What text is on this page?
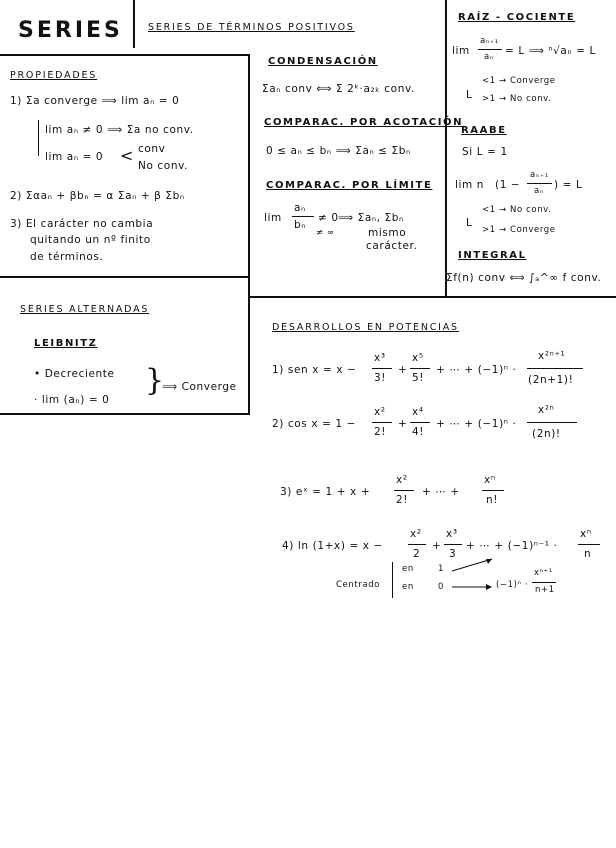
SERIES
PROPIEDADES
1) Σa converge ⟹ lim aₙ = 0
lim aₙ ≠ 0 ⟹ Σa no conv.
lim aₙ = 0 < conv
No conv.
2) Σαaₙ + βbₙ = α Σaₙ + β Σbₙ
3) El carácter no cambia
quitando un nº finito
de términos.
SERIES DE TÉRMINOS POSITIVOS
CONDENSACIÓN
Σaₙ conv ⟺ Σ 2ᵏ·a₂ₖ conv.
COMPARAC. POR ACOTACIÓN
0 ≤ aₙ ≤ bₙ ⟹ Σaₙ ≤ Σbₙ
COMPARAC. POR LÍMITE
lim
aₙ
bₙ
≠ 0
≠ ∞
⟹ Σaₙ, Σbₙ
mismo
carácter.
RAÍZ - COCIENTE
lim
aₙ₊₁
aₙ = L ⟹ ⁿ√aₙ = L
L
<1 → Converge
>1 → No conv.
RAABE
Si L = 1
lim n (1 −
aₙ₊₁
aₙ ) = L
L
<1 → No conv.
>1 → Converge
INTEGRAL
Σf(n) conv ⟺ ∫ₐ^∞ f conv.
SERIES ALTERNADAS
LEIBNITZ
• Decreciente
· lim (aₙ) = 0
}
⟹ Converge
DESARROLLOS EN POTENCIAS
1) sen x = x −
x³
3!
+
x⁵
5!
+ ⋯ + (−1)ⁿ ·
x²ⁿ⁺¹
(2n+1)!
2) cos x = 1 −
x²
2!
+
x⁴
4!
+ ⋯ + (−1)ⁿ ·
x²ⁿ
(2n)!
3) eˣ = 1 + x +
x²
2!
+ ⋯ +
xⁿ
n!
4) ln (1+x) = x −
x²
2
+
x³
3
+ ⋯ + (−1)ⁿ⁻¹ ·
xⁿ
n
Centrado
en	1
en	0	(−1)ⁿ ·
xⁿ⁺¹
n+1
